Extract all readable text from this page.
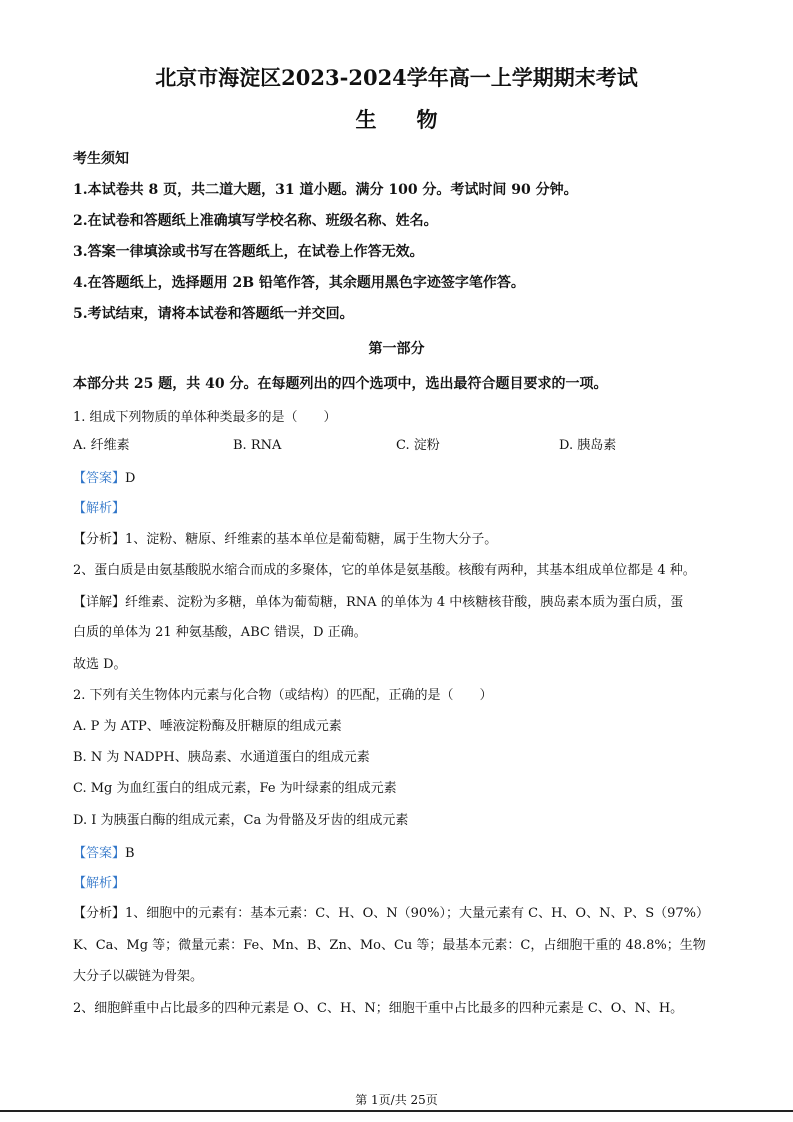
北京市海淀区2023-2024学年高一上学期期末考试
生物
考生须知
1.本试卷共 8 页，共二道大题，31 道小题。满分 100 分。考试时间 90 分钟。
2.在试卷和答题纸上准确填写学校名称、班级名称、姓名。
3.答案一律填涂或书写在答题纸上，在试卷上作答无效。
4.在答题纸上，选择题用 2B 铅笔作答，其余题用黑色字迹签字笔作答。
5.考试结束，请将本试卷和答题纸一并交回。
第一部分
本部分共 25 题，共 40 分。在每题列出的四个选项中，选出最符合题目要求的一项。
1. 组成下列物质的单体种类最多的是（　　）
A. 纤维素	B. RNA	C. 淀粉	D. 胰岛素
【答案】D
【解析】
【分析】1、淀粉、糖原、纤维素的基本单位是葡萄糖，属于生物大分子。
2、蛋白质是由氨基酸脱水缩合而成的多聚体，它的单体是氨基酸。核酸有两种，其基本组成单位都是 4 种。
【详解】纤维素、淀粉为多糖，单体为葡萄糖，RNA 的单体为 4 中核糖核苷酸，胰岛素本质为蛋白质，蛋
白质的单体为 21 种氨基酸，ABC 错误，D 正确。
故选 D。
2. 下列有关生物体内元素与化合物（或结构）的匹配，正确的是（　　）
A. P 为 ATP、唾液淀粉酶及肝糖原的组成元素
B. N 为 NADPH、胰岛素、水通道蛋白的组成元素
C. Mg 为血红蛋白的组成元素，Fe 为叶绿素的组成元素
D. I 为胰蛋白酶的组成元素，Ca 为骨骼及牙齿的组成元素
【答案】B
【解析】
【分析】1、细胞中的元素有：基本元素：C、H、O、N（90%）；大量元素有 C、H、O、N、P、S（97%）
K、Ca、Mg 等；微量元素：Fe、Mn、B、Zn、Mo、Cu 等；最基本元素：C，占细胞干重的 48.8%；生物
大分子以碳链为骨架。
2、细胞鲜重中占比最多的四种元素是 O、C、H、N；细胞干重中占比最多的四种元素是 C、O、N、H。
第 1页/共 25页
